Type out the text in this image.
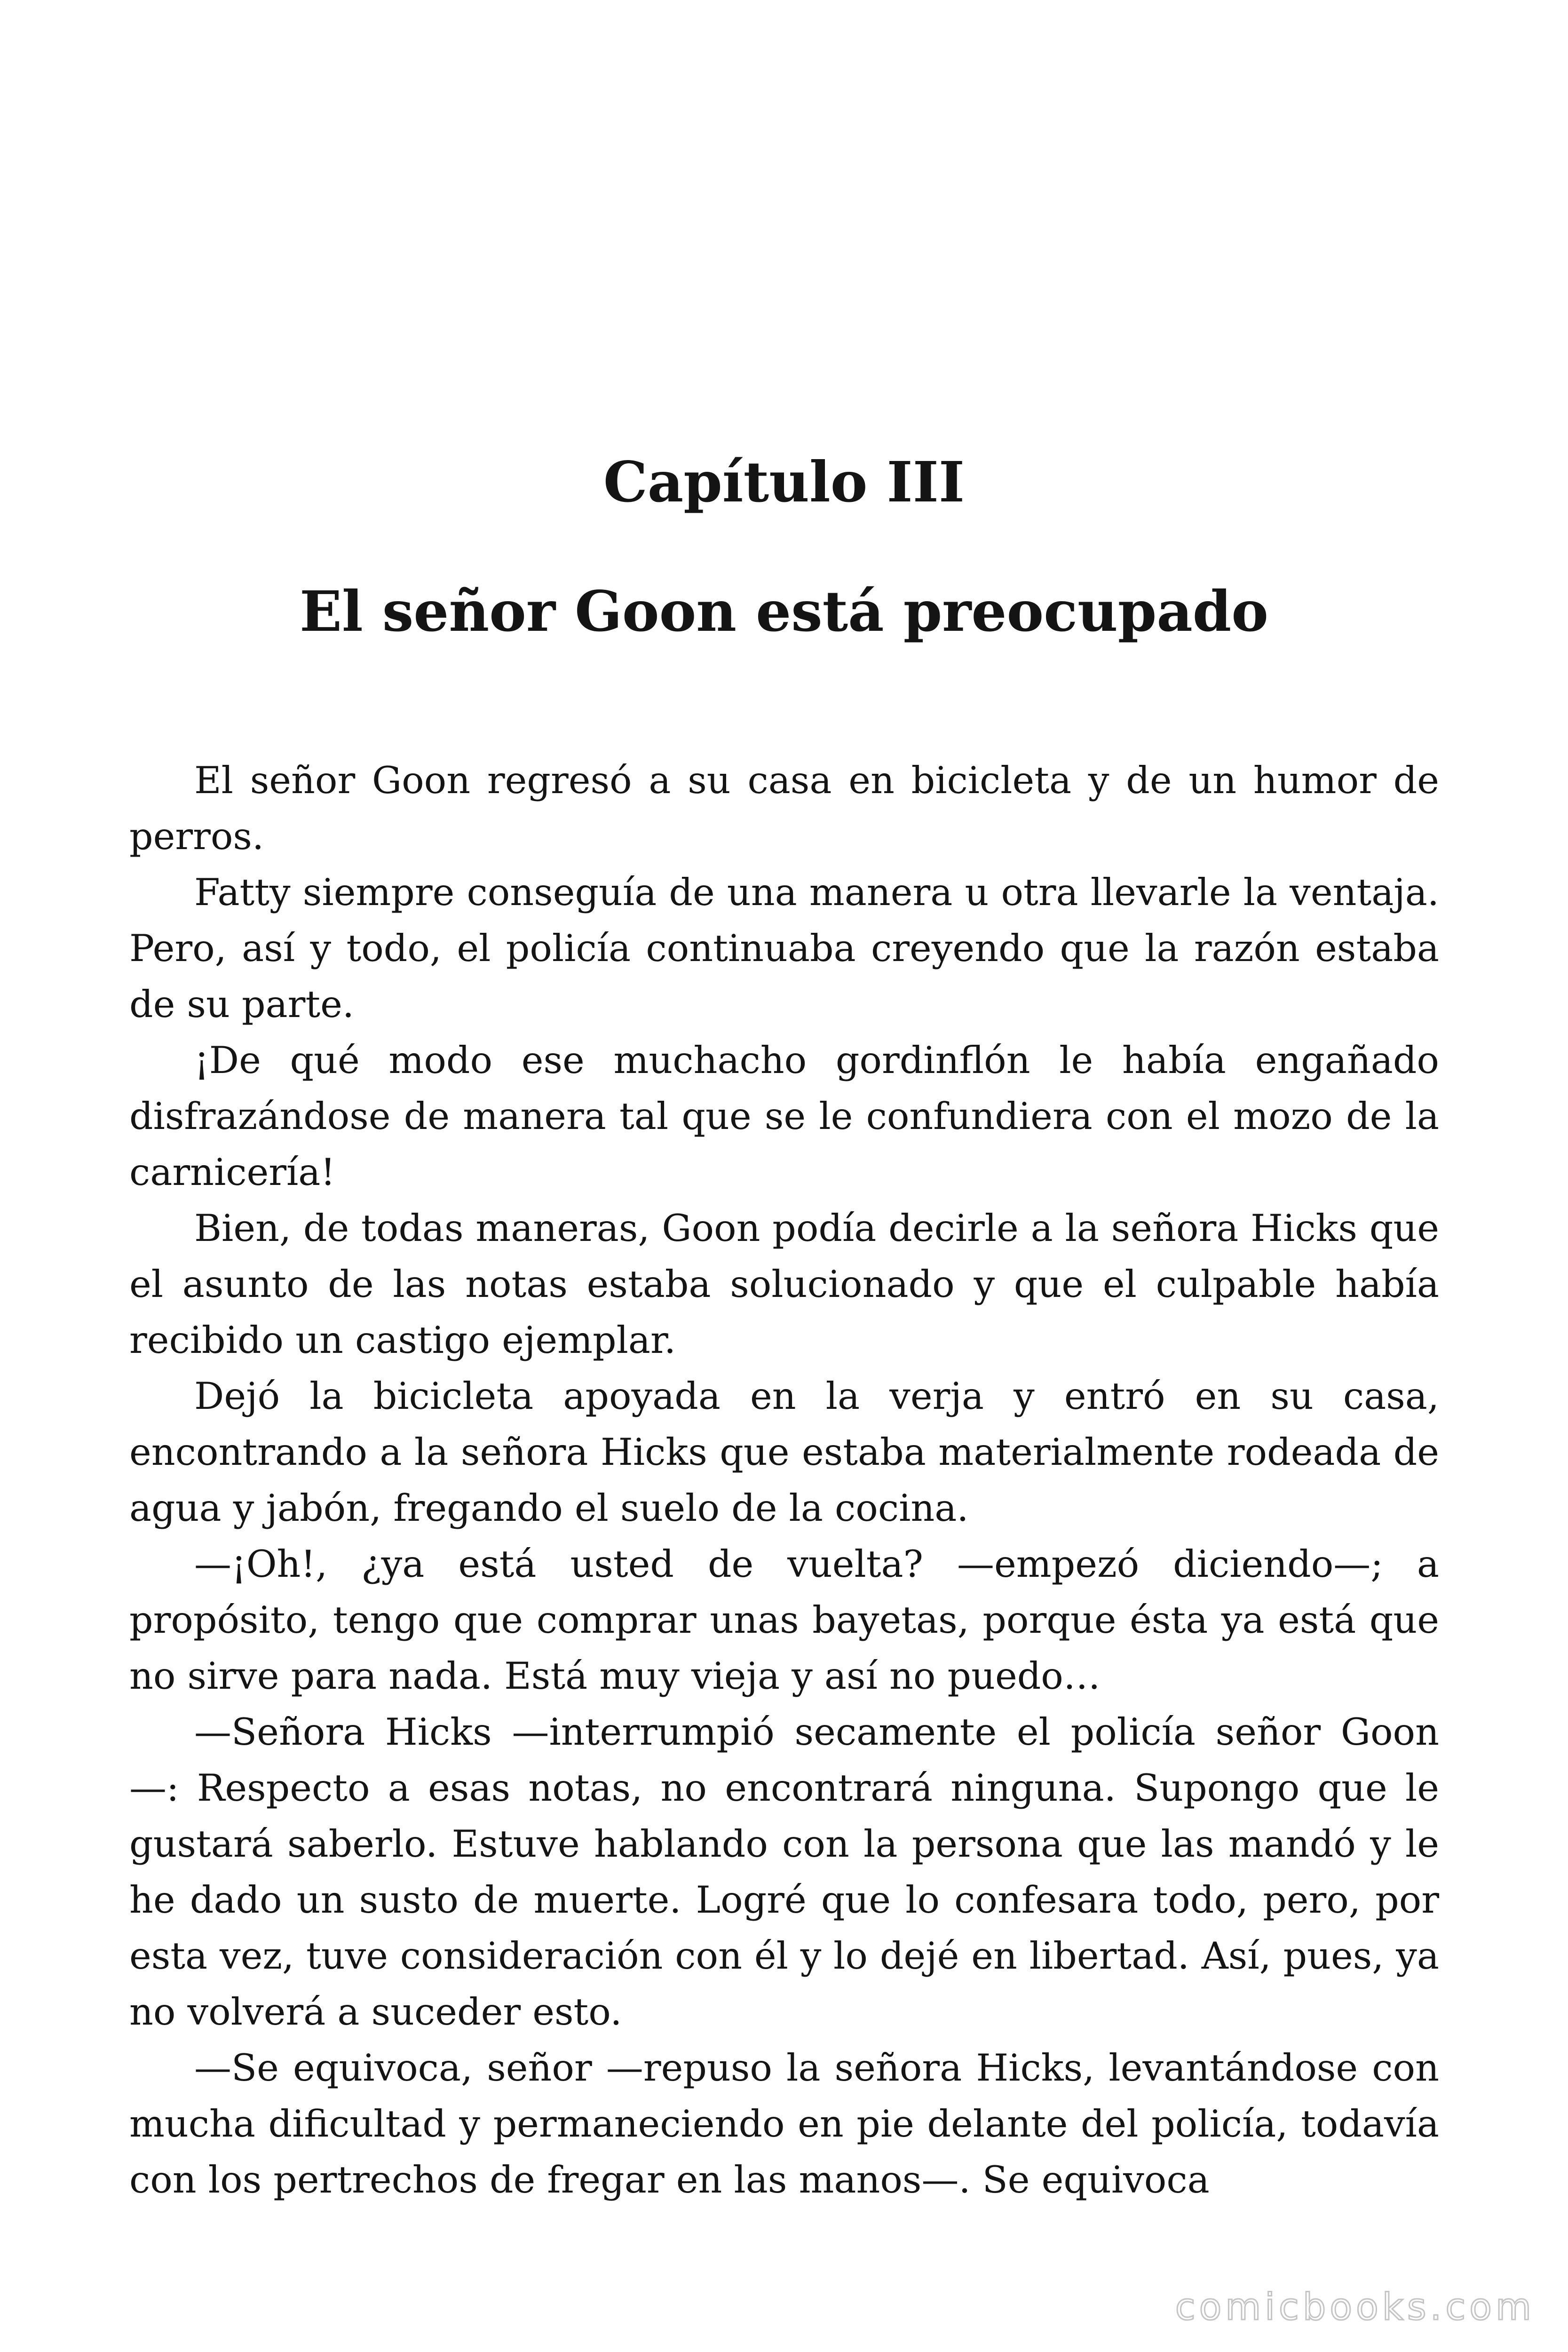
Capítulo III
El señor Goon está preocupado

El señor Goon regresó a su casa en bicicleta y de un humor de perros.

Fatty siempre conseguía de una manera u otra llevarle la ventaja. Pero, así y todo, el policía continuaba creyendo que la razón estaba de su parte.

¡De qué modo ese muchacho gordinflón le había engañado disfrazándose de manera tal que se le confundiera con el mozo de la carnicería!

Bien, de todas maneras, Goon podía decirle a la señora Hicks que el asunto de las notas estaba solucionado y que el culpable había recibido un castigo ejemplar.

Dejó la bicicleta apoyada en la verja y entró en su casa, encontrando a la señora Hicks que estaba materialmente rodeada de agua y jabón, fregando el suelo de la cocina.

—¡Oh!, ¿ya está usted de vuelta? —empezó diciendo—; a propósito, tengo que comprar unas bayetas, porque ésta ya está que no sirve para nada. Está muy vieja y así no puedo…

—Señora Hicks —interrumpió secamente el policía señor Goon —: Respecto a esas notas, no encontrará ninguna. Supongo que le gustará saberlo. Estuve hablando con la persona que las mandó y le he dado un susto de muerte. Logré que lo confesara todo, pero, por esta vez, tuve consideración con él y lo dejé en libertad. Así, pues, ya no volverá a suceder esto.

—Se equivoca, señor —repuso la señora Hicks, levantándose con mucha dificultad y permaneciendo en pie delante del policía, todavía con los pertrechos de fregar en las manos—. Se equivoca

comicbooks.com
